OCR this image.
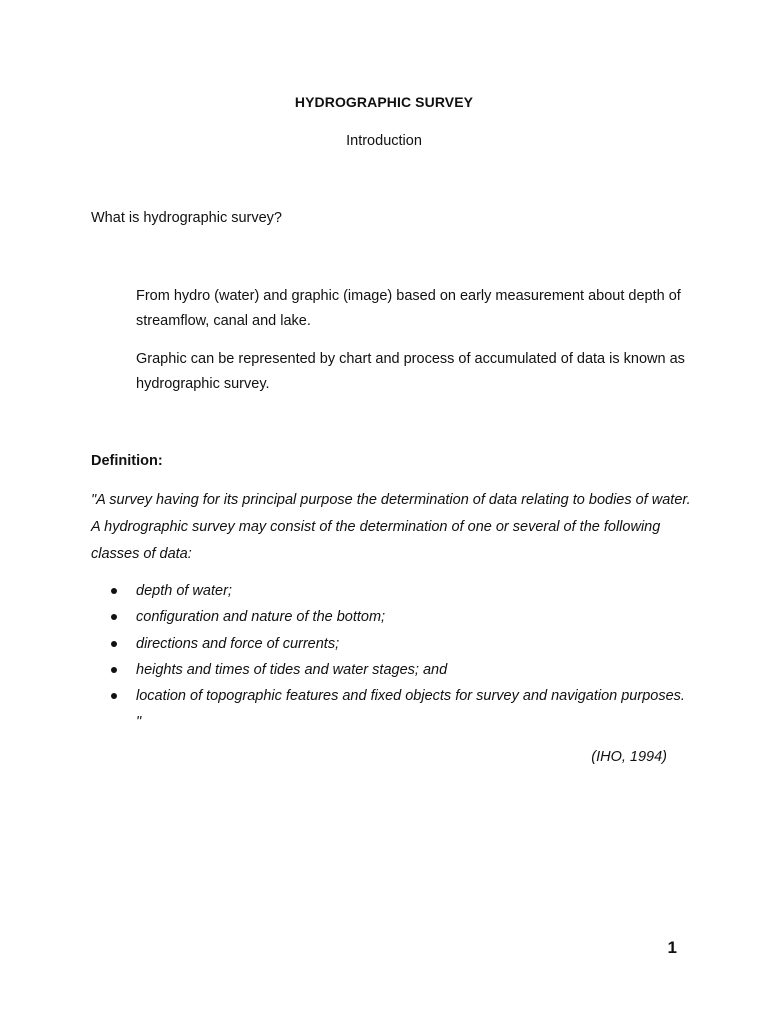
HYDROGRAPHIC SURVEY
Introduction
What is hydrographic survey?
From hydro (water) and graphic (image) based on early measurement about depth of streamflow, canal and lake.
Graphic can be represented by chart and process of accumulated of data is known as hydrographic survey.
Definition:
"A survey having for its principal purpose the determination of data relating to bodies of water. A hydrographic survey may consist of the determination of one or several of the following classes of data:
depth of water;
configuration and nature of the bottom;
directions and force of currents;
heights and times of tides and water stages; and
location of topographic features and fixed objects for survey and navigation purposes. "
(IHO, 1994)
1
